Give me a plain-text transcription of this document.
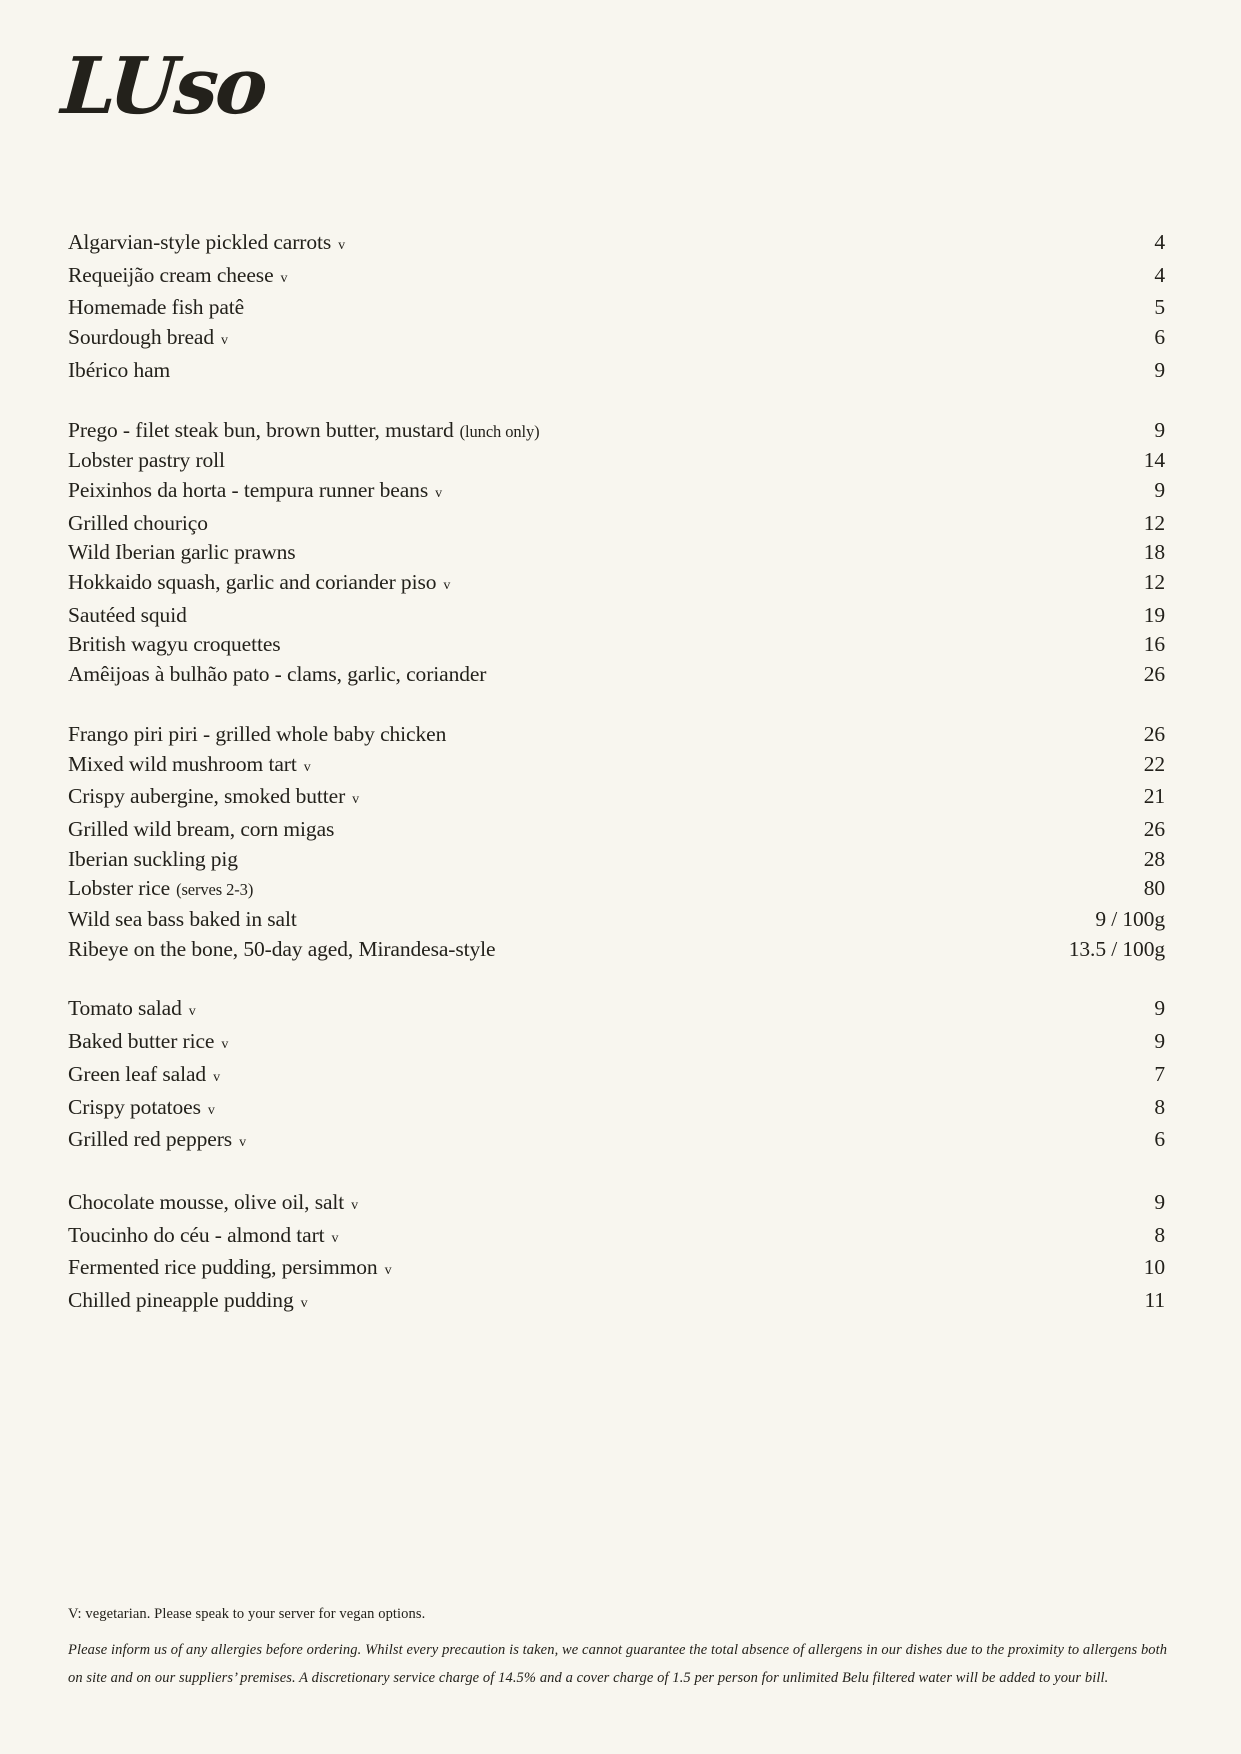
LUso
Algarvian-style pickled carrots v	4
Requeijão cream cheese v	4
Homemade fish patê	5
Sourdough bread v	6
Ibérico ham	9
Prego - filet steak bun, brown butter, mustard (lunch only)	9
Lobster pastry roll	14
Peixinhos da horta - tempura runner beans v	9
Grilled chouriço	12
Wild Iberian garlic prawns	18
Hokkaido squash, garlic and coriander piso v	12
Sautéed squid	19
British wagyu croquettes	16
Amêijoas à bulhão pato - clams, garlic, coriander	26
Frango piri piri - grilled whole baby chicken	26
Mixed wild mushroom tart v	22
Crispy aubergine, smoked butter v	21
Grilled wild bream, corn migas	26
Iberian suckling pig	28
Lobster rice (serves 2-3)	80
Wild sea bass baked in salt	9 / 100g
Ribeye on the bone, 50-day aged, Mirandesa-style	13.5 / 100g
Tomato salad v	9
Baked butter rice v	9
Green leaf salad v	7
Crispy potatoes v	8
Grilled red peppers v	6
Chocolate mousse, olive oil, salt v	9
Toucinho do céu - almond tart v	8
Fermented rice pudding, persimmon v	10
Chilled pineapple pudding v	11
V: vegetarian. Please speak to your server for vegan options.
Please inform us of any allergies before ordering. Whilst every precaution is taken, we cannot guarantee the total absence of allergens in our dishes due to the proximity to allergens both on site and on our suppliers’ premises. A discretionary service charge of 14.5% and a cover charge of 1.5 per person for unlimited Belu filtered water will be added to your bill.
